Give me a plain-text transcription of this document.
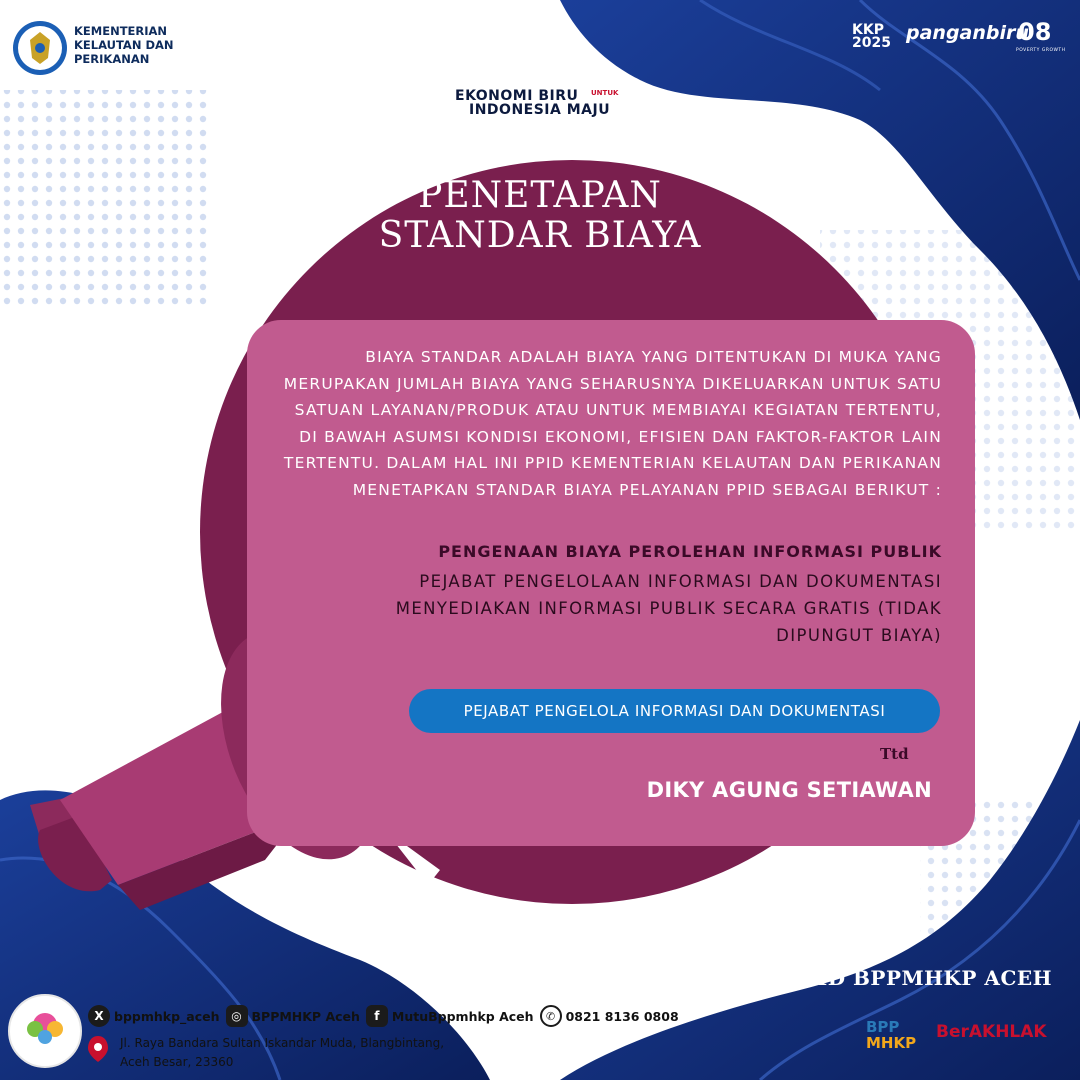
KEMENTERIAN
KELAUTAN DAN
PERIKANAN
EKONOMI BIRU UNTUK
INDONESIA MAJU
KKP 2025 panganbiru
08
POVERTY GROWTH
PENETAPAN
STANDAR BIAYA
BIAYA STANDAR ADALAH BIAYA YANG DITENTUKAN DI MUKA YANG MERUPAKAN JUMLAH BIAYA YANG SEHARUSNYA DIKELUARKAN UNTUK SATU SATUAN LAYANAN/PRODUK ATAU UNTUK MEMBIAYAI KEGIATAN TERTENTU, DI BAWAH ASUMSI KONDISI EKONOMI, EFISIEN DAN FAKTOR-FAKTOR LAIN TERTENTU. DALAM HAL INI PPID KEMENTERIAN KELAUTAN DAN PERIKANAN MENETAPKAN STANDAR BIAYA PELAYANAN PPID SEBAGAI BERIKUT :
PENGENAAN BIAYA PEROLEHAN INFORMASI PUBLIK
PEJABAT PENGELOLAAN INFORMASI DAN DOKUMENTASI MENYEDIAKAN INFORMASI PUBLIK SECARA GRATIS (TIDAK DIPUNGUT BIAYA)
PEJABAT PENGELOLA INFORMASI DAN DOKUMENTASI
Ttd
DIKY AGUNG SETIAWAN
PPID BPPMHKP ACEH
X bppmhkp_aceh ◎ BPPMHKP Aceh	f MutuBppmhkp Aceh	✆ 0821 8136 0808
Jl. Raya Bandara Sultan Iskandar Muda, Blangbintang,
Aceh Besar, 23360
BPP
MHKP
BerAKHLAK
